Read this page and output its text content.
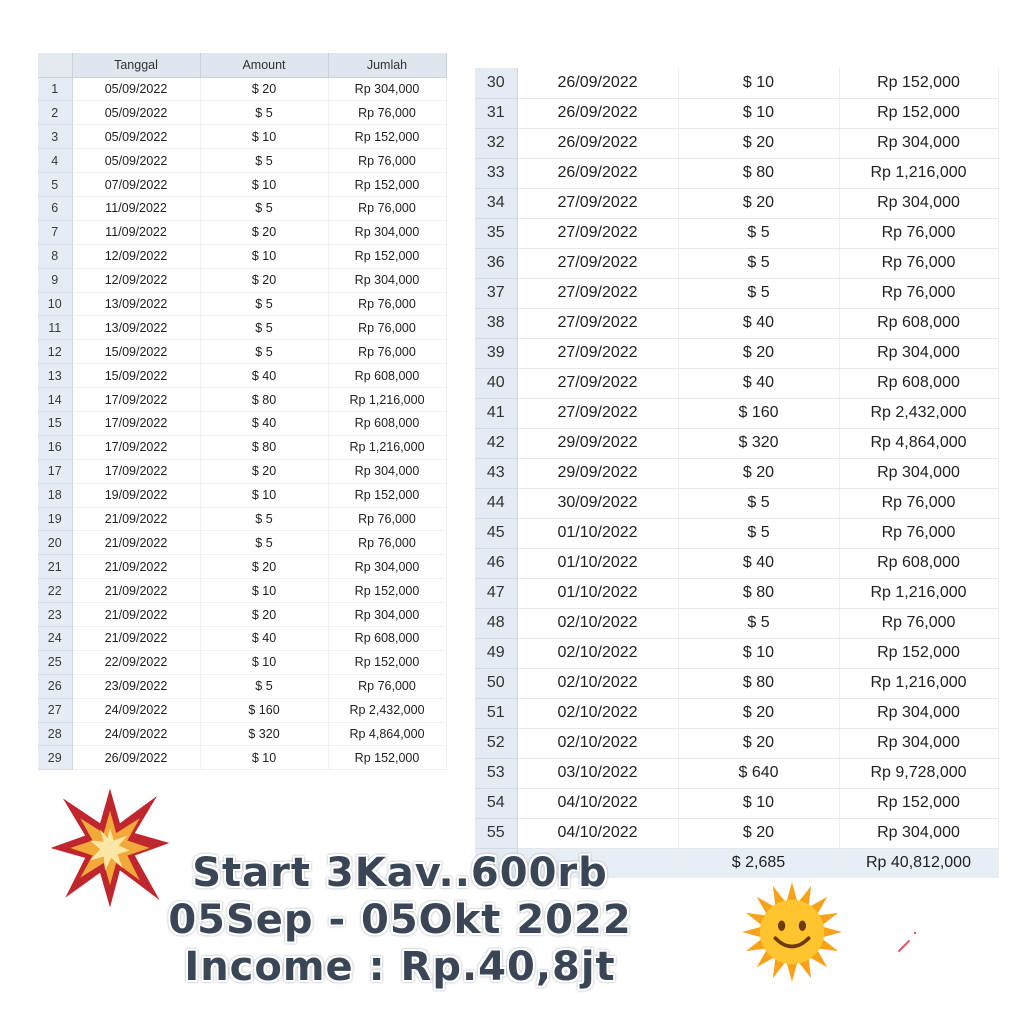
	Tanggal	Amount	Jumlah
1	05/09/2022	$ 20	Rp 304,000
2	05/09/2022	$ 5	Rp 76,000
3	05/09/2022	$ 10	Rp 152,000
4	05/09/2022	$ 5	Rp 76,000
5	07/09/2022	$ 10	Rp 152,000
6	11/09/2022	$ 5	Rp 76,000
7	11/09/2022	$ 20	Rp 304,000
8	12/09/2022	$ 10	Rp 152,000
9	12/09/2022	$ 20	Rp 304,000
10	13/09/2022	$ 5	Rp 76,000
11	13/09/2022	$ 5	Rp 76,000
12	15/09/2022	$ 5	Rp 76,000
13	15/09/2022	$ 40	Rp 608,000
14	17/09/2022	$ 80	Rp 1,216,000
15	17/09/2022	$ 40	Rp 608,000
16	17/09/2022	$ 80	Rp 1,216,000
17	17/09/2022	$ 20	Rp 304,000
18	19/09/2022	$ 10	Rp 152,000
19	21/09/2022	$ 5	Rp 76,000
20	21/09/2022	$ 5	Rp 76,000
21	21/09/2022	$ 20	Rp 304,000
22	21/09/2022	$ 10	Rp 152,000
23	21/09/2022	$ 20	Rp 304,000
24	21/09/2022	$ 40	Rp 608,000
25	22/09/2022	$ 10	Rp 152,000
26	23/09/2022	$ 5	Rp 76,000
27	24/09/2022	$ 160	Rp 2,432,000
28	24/09/2022	$ 320	Rp 4,864,000
29	26/09/2022	$ 10	Rp 152,000
30	26/09/2022	$ 10	Rp 152,000
31	26/09/2022	$ 10	Rp 152,000
32	26/09/2022	$ 20	Rp 304,000
33	26/09/2022	$ 80	Rp 1,216,000
34	27/09/2022	$ 20	Rp 304,000
35	27/09/2022	$ 5	Rp 76,000
36	27/09/2022	$ 5	Rp 76,000
37	27/09/2022	$ 5	Rp 76,000
38	27/09/2022	$ 40	Rp 608,000
39	27/09/2022	$ 20	Rp 304,000
40	27/09/2022	$ 40	Rp 608,000
41	27/09/2022	$ 160	Rp 2,432,000
42	29/09/2022	$ 320	Rp 4,864,000
43	29/09/2022	$ 20	Rp 304,000
44	30/09/2022	$ 5	Rp 76,000
45	01/10/2022	$ 5	Rp 76,000
46	01/10/2022	$ 40	Rp 608,000
47	01/10/2022	$ 80	Rp 1,216,000
48	02/10/2022	$ 5	Rp 76,000
49	02/10/2022	$ 10	Rp 152,000
50	02/10/2022	$ 80	Rp 1,216,000
51	02/10/2022	$ 20	Rp 304,000
52	02/10/2022	$ 20	Rp 304,000
53	03/10/2022	$ 640	Rp 9,728,000
54	04/10/2022	$ 10	Rp 152,000
55	04/10/2022	$ 20	Rp 304,000
		$ 2,685	Rp 40,812,000
Start 3Kav..600rb
05Sep - 05Okt 2022
Income : Rp.40,8jt
